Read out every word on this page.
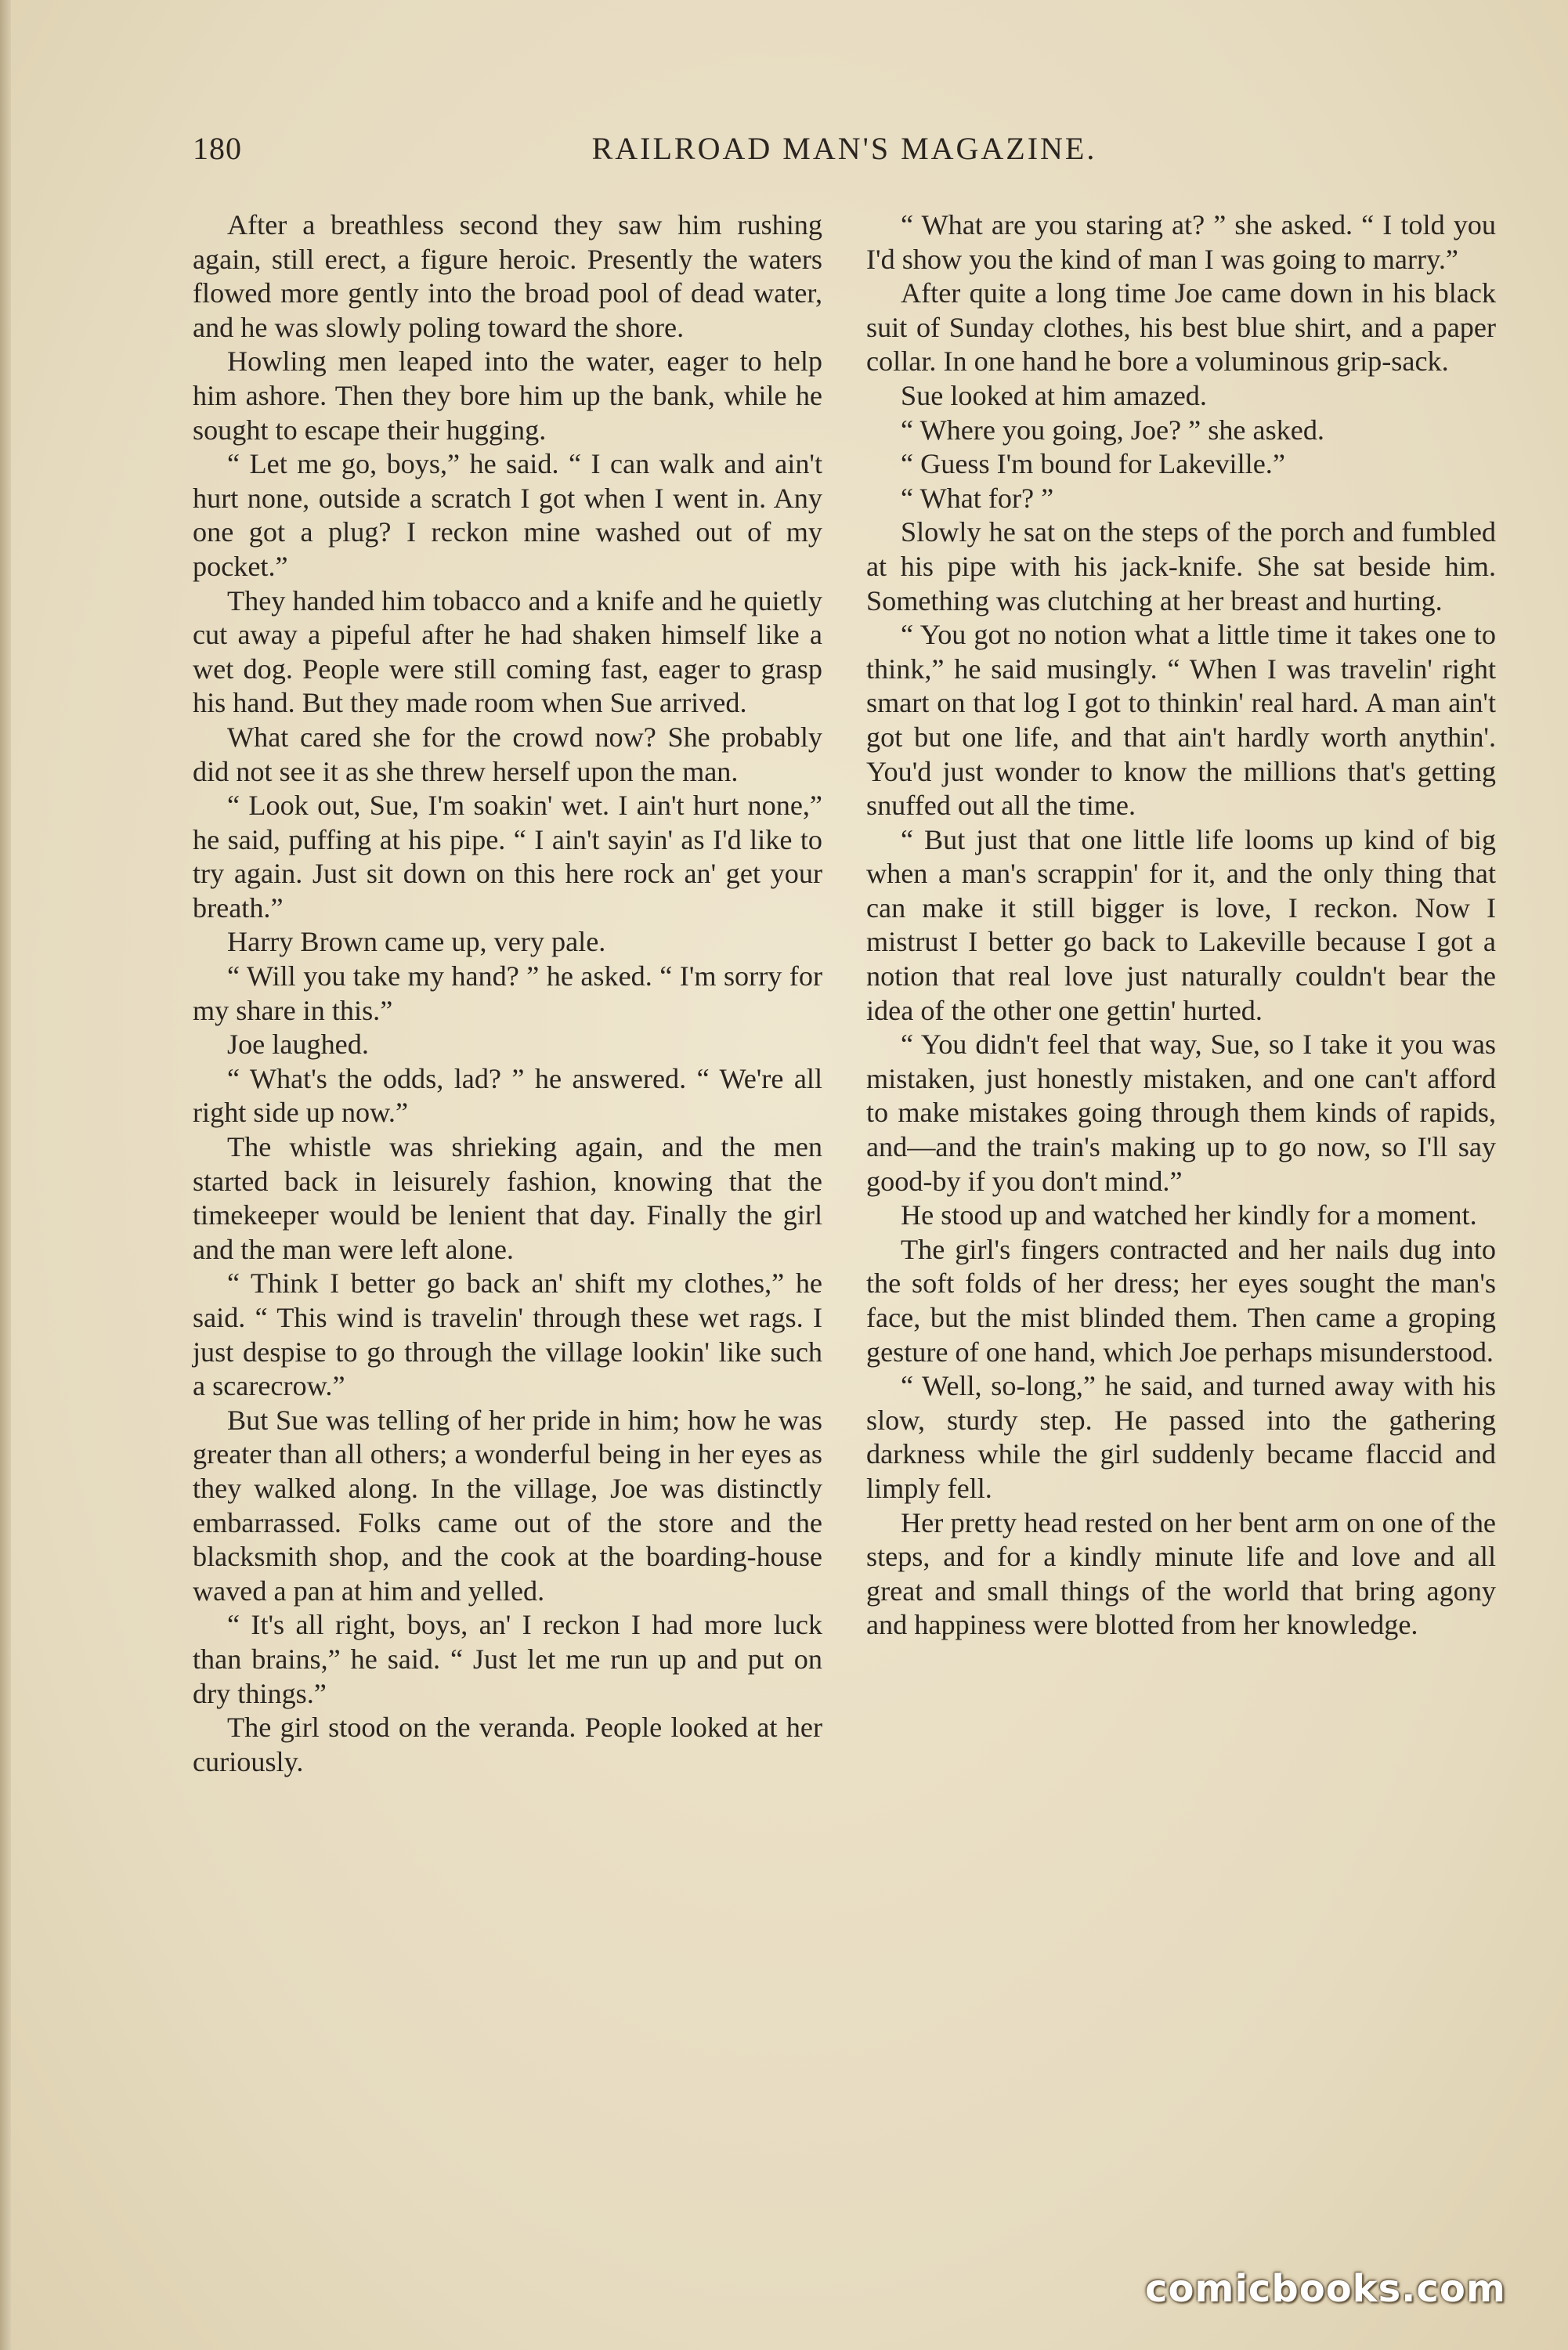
180	RAILROAD MAN'S MAGAZINE.

After a breathless second they saw him rushing again, still erect, a figure heroic. Presently the waters flowed more gently into the broad pool of dead water, and he was slowly poling toward the shore.

Howling men leaped into the water, eager to help him ashore. Then they bore him up the bank, while he sought to escape their hugging.

“ Let me go, boys,” he said. “ I can walk and ain't hurt none, outside a scratch I got when I went in. Any one got a plug? I reckon mine washed out of my pocket.”

They handed him tobacco and a knife and he quietly cut away a pipeful after he had shaken himself like a wet dog. People were still coming fast, eager to grasp his hand. But they made room when Sue arrived.

What cared she for the crowd now? She probably did not see it as she threw herself upon the man.

“ Look out, Sue, I'm soakin' wet. I ain't hurt none,” he said, puffing at his pipe. “ I ain't sayin' as I'd like to try again. Just sit down on this here rock an' get your breath.”

Harry Brown came up, very pale.

“ Will you take my hand? ” he asked. “ I'm sorry for my share in this.”

Joe laughed.

“ What's the odds, lad? ” he answered. “ We're all right side up now.”

The whistle was shrieking again, and the men started back in leisurely fashion, knowing that the timekeeper would be lenient that day. Finally the girl and the man were left alone.

“ Think I better go back an' shift my clothes,” he said. “ This wind is travelin' through these wet rags. I just despise to go through the village lookin' like such a scarecrow.”

But Sue was telling of her pride in him; how he was greater than all others; a wonderful being in her eyes as they walked along. In the village, Joe was distinctly embarrassed. Folks came out of the store and the blacksmith shop, and the cook at the boarding-house waved a pan at him and yelled.

“ It's all right, boys, an' I reckon I had more luck than brains,” he said. “ Just let me run up and put on dry things.”

The girl stood on the veranda. People looked at her curiously.

“ What are you staring at? ” she asked. “ I told you I'd show you the kind of man I was going to marry.”

After quite a long time Joe came down in his black suit of Sunday clothes, his best blue shirt, and a paper collar. In one hand he bore a voluminous grip-sack.

Sue looked at him amazed.

“ Where you going, Joe? ” she asked.

“ Guess I'm bound for Lakeville.”

“ What for? ”

Slowly he sat on the steps of the porch and fumbled at his pipe with his jack-knife. She sat beside him. Something was clutching at her breast and hurting.

“ You got no notion what a little time it takes one to think,” he said musingly. “ When I was travelin' right smart on that log I got to thinkin' real hard. A man ain't got but one life, and that ain't hardly worth anythin'. You'd just wonder to know the millions that's getting snuffed out all the time.

“ But just that one little life looms up kind of big when a man's scrappin' for it, and the only thing that can make it still bigger is love, I reckon. Now I mistrust I better go back to Lakeville because I got a notion that real love just naturally couldn't bear the idea of the other one gettin' hurted.

“ You didn't feel that way, Sue, so I take it you was mistaken, just honestly mistaken, and one can't afford to make mistakes going through them kinds of rapids, and—and the train's making up to go now, so I'll say good-by if you don't mind.”

He stood up and watched her kindly for a moment.

The girl's fingers contracted and her nails dug into the soft folds of her dress; her eyes sought the man's face, but the mist blinded them. Then came a groping gesture of one hand, which Joe perhaps misunderstood.

“ Well, so-long,” he said, and turned away with his slow, sturdy step. He passed into the gathering darkness while the girl suddenly became flaccid and limply fell.

Her pretty head rested on her bent arm on one of the steps, and for a kindly minute life and love and all great and small things of the world that bring agony and happiness were blotted from her knowledge.

comicbooks.com
